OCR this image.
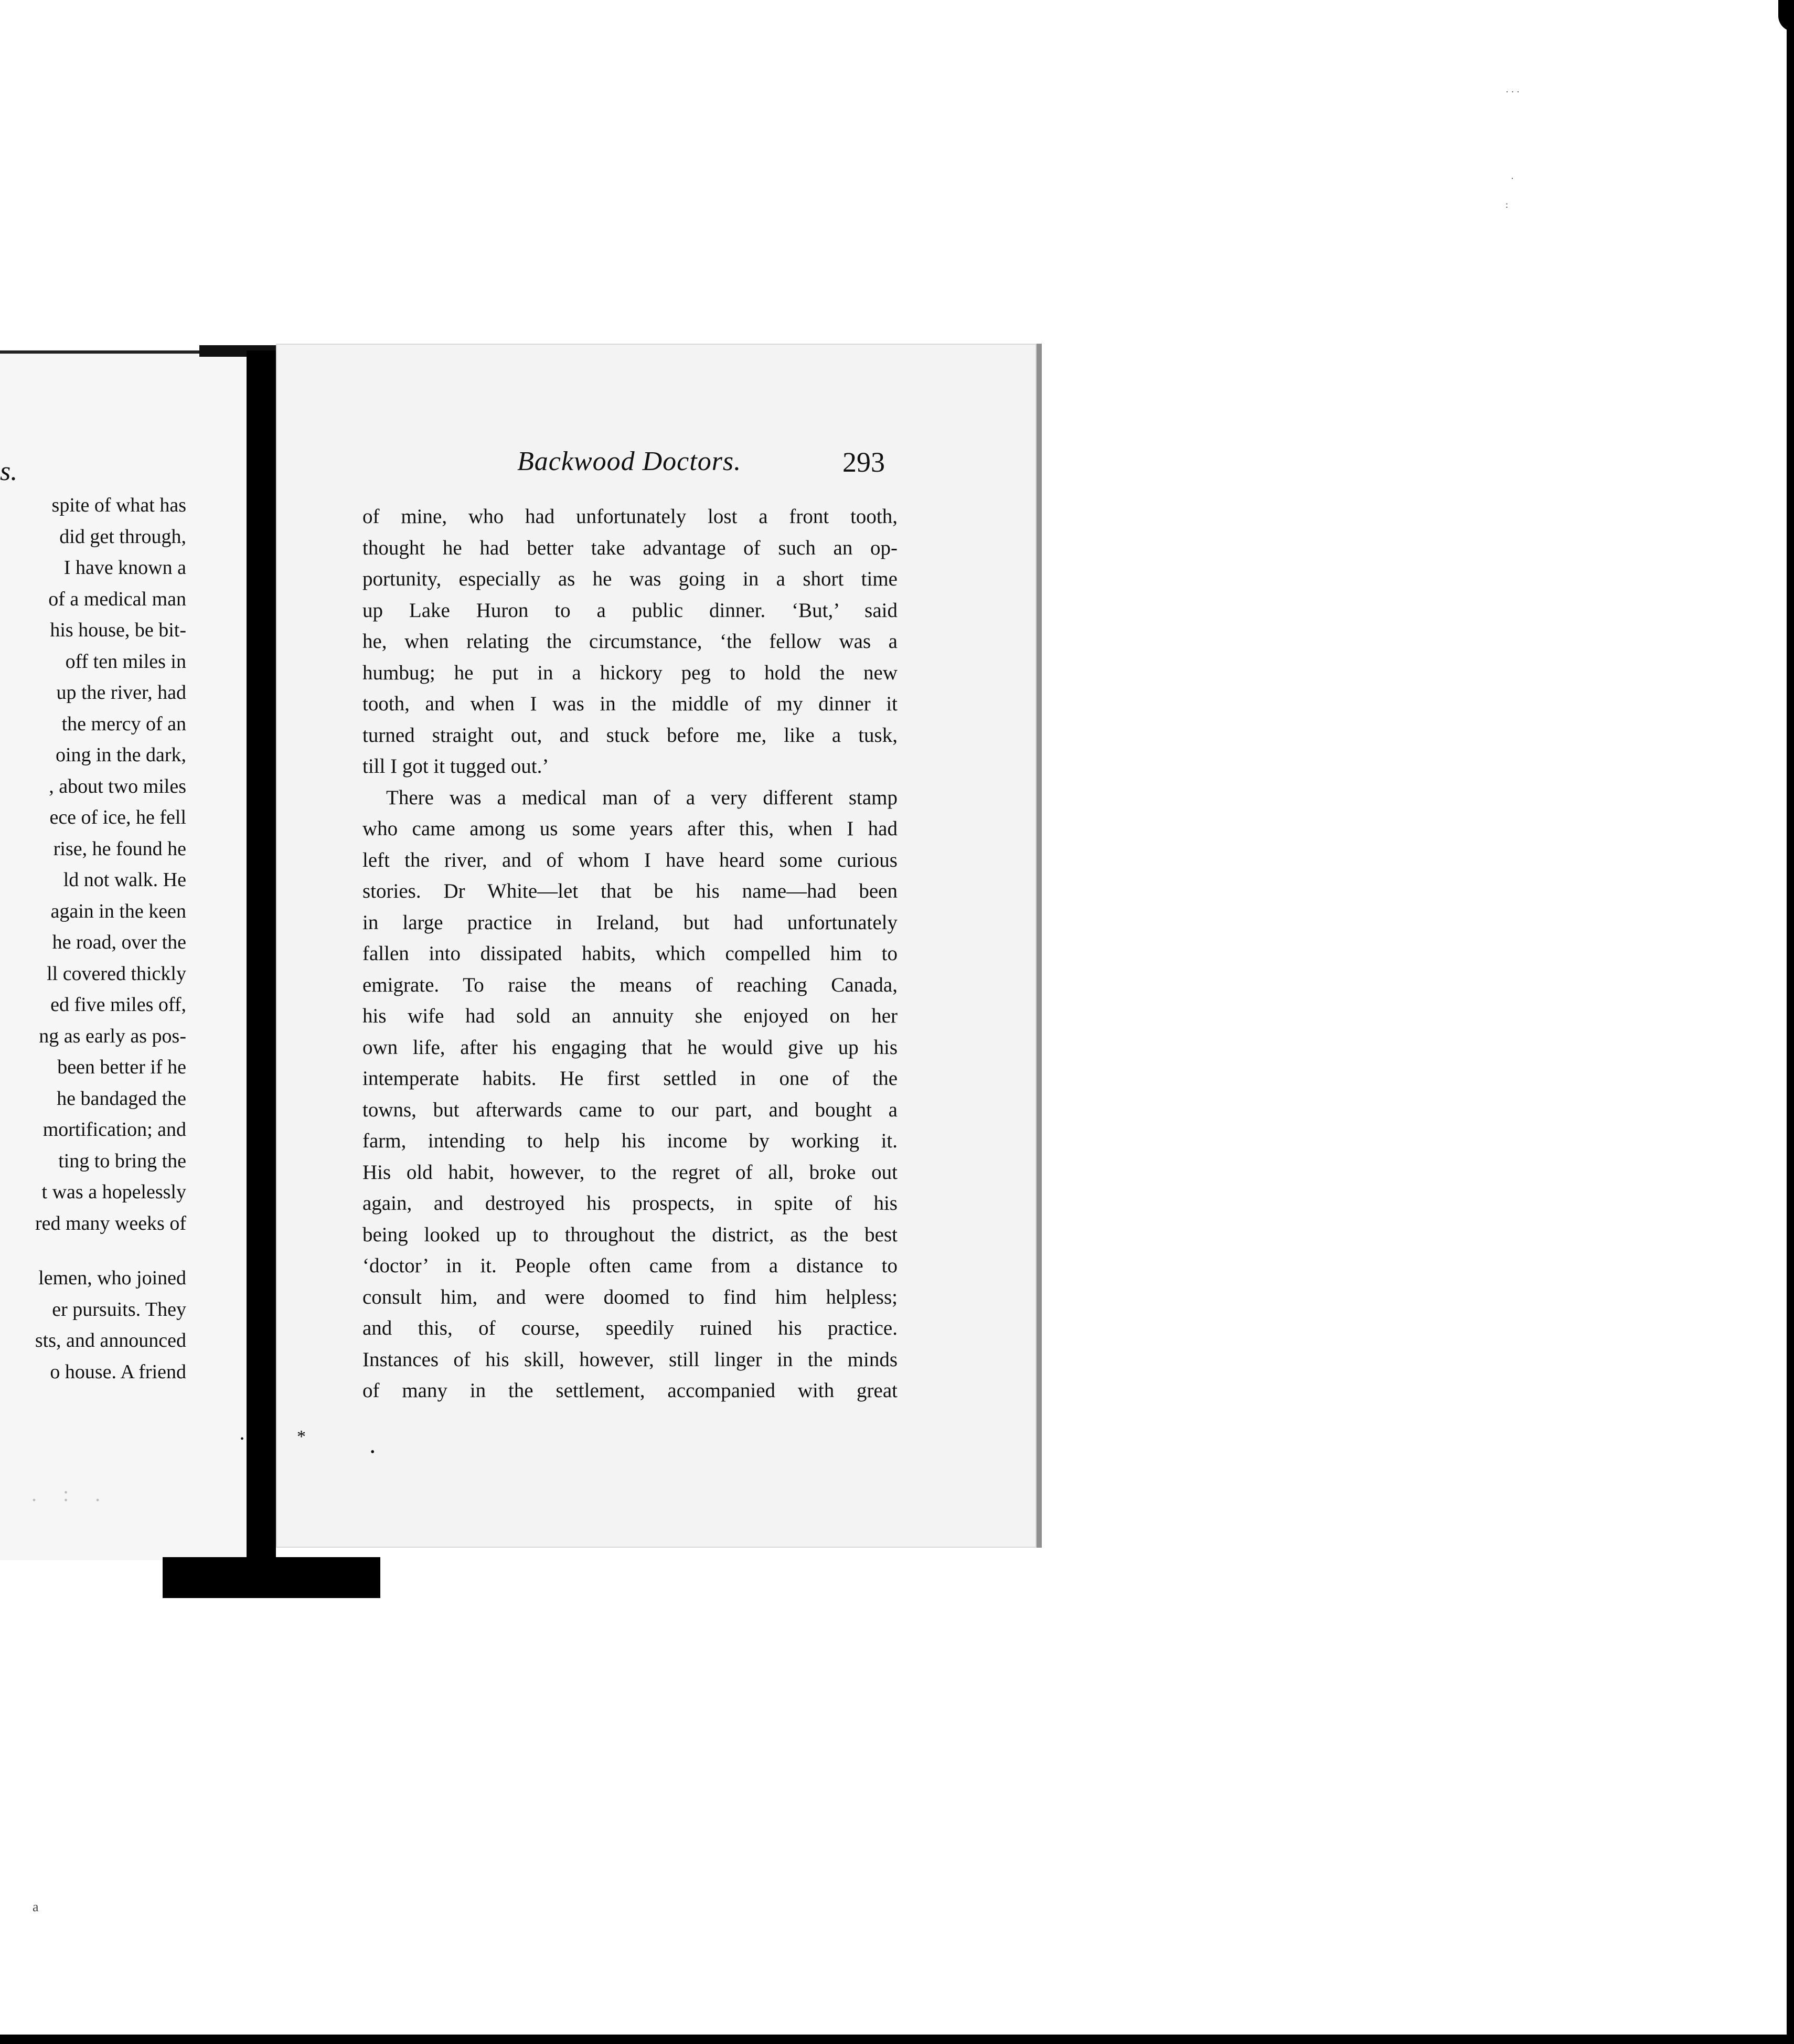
· · ·
·
:
a
s.
spite of what has
did get through,
I have known a
of a medical man
his house, be bit-
off ten miles in
up the river, had
the mercy of an
oing in the dark,
, about two miles
ece of ice, he fell
rise, he found he
ld not walk. He
again in the keen
he road, over the
ll covered thickly
ed five miles off,
ng as early as pos-
been better if he
he bandaged the
mortification; and
ting to bring the
t was a hopelessly
red many weeks of
lemen, who joined
er pursuits. They
sts, and announced
o house. A friend
•
. : .
Backwood Doctors.	293
of mine, who had unfortunately lost a front tooth,
thought he had better take advantage of such an op-
portunity, especially as he was going in a short time
up Lake Huron to a public dinner. ‘But,’ said
he, when relating the circumstance, ‘the fellow was a
humbug; he put in a hickory peg to hold the new
tooth, and when I was in the middle of my dinner it
turned straight out, and stuck before me, like a tusk,
till I got it tugged out.’
There was a medical man of a very different stamp
who came among us some years after this, when I had
left the river, and of whom I have heard some curious
stories. Dr White—let that be his name—had been
in large practice in Ireland, but had unfortunately
fallen into dissipated habits, which compelled him to
emigrate. To raise the means of reaching Canada,
his wife had sold an annuity she enjoyed on her
own life, after his engaging that he would give up his
intemperate habits. He first settled in one of the
towns, but afterwards came to our part, and bought a
farm, intending to help his income by working it.
His old habit, however, to the regret of all, broke out
again, and destroyed his prospects, in spite of his
being looked up to throughout the district, as the best
‘doctor’ in it. People often came from a distance to
consult him, and were doomed to find him helpless;
and this, of course, speedily ruined his practice.
Instances of his skill, however, still linger in the minds
of many in the settlement, accompanied with great
*
•
